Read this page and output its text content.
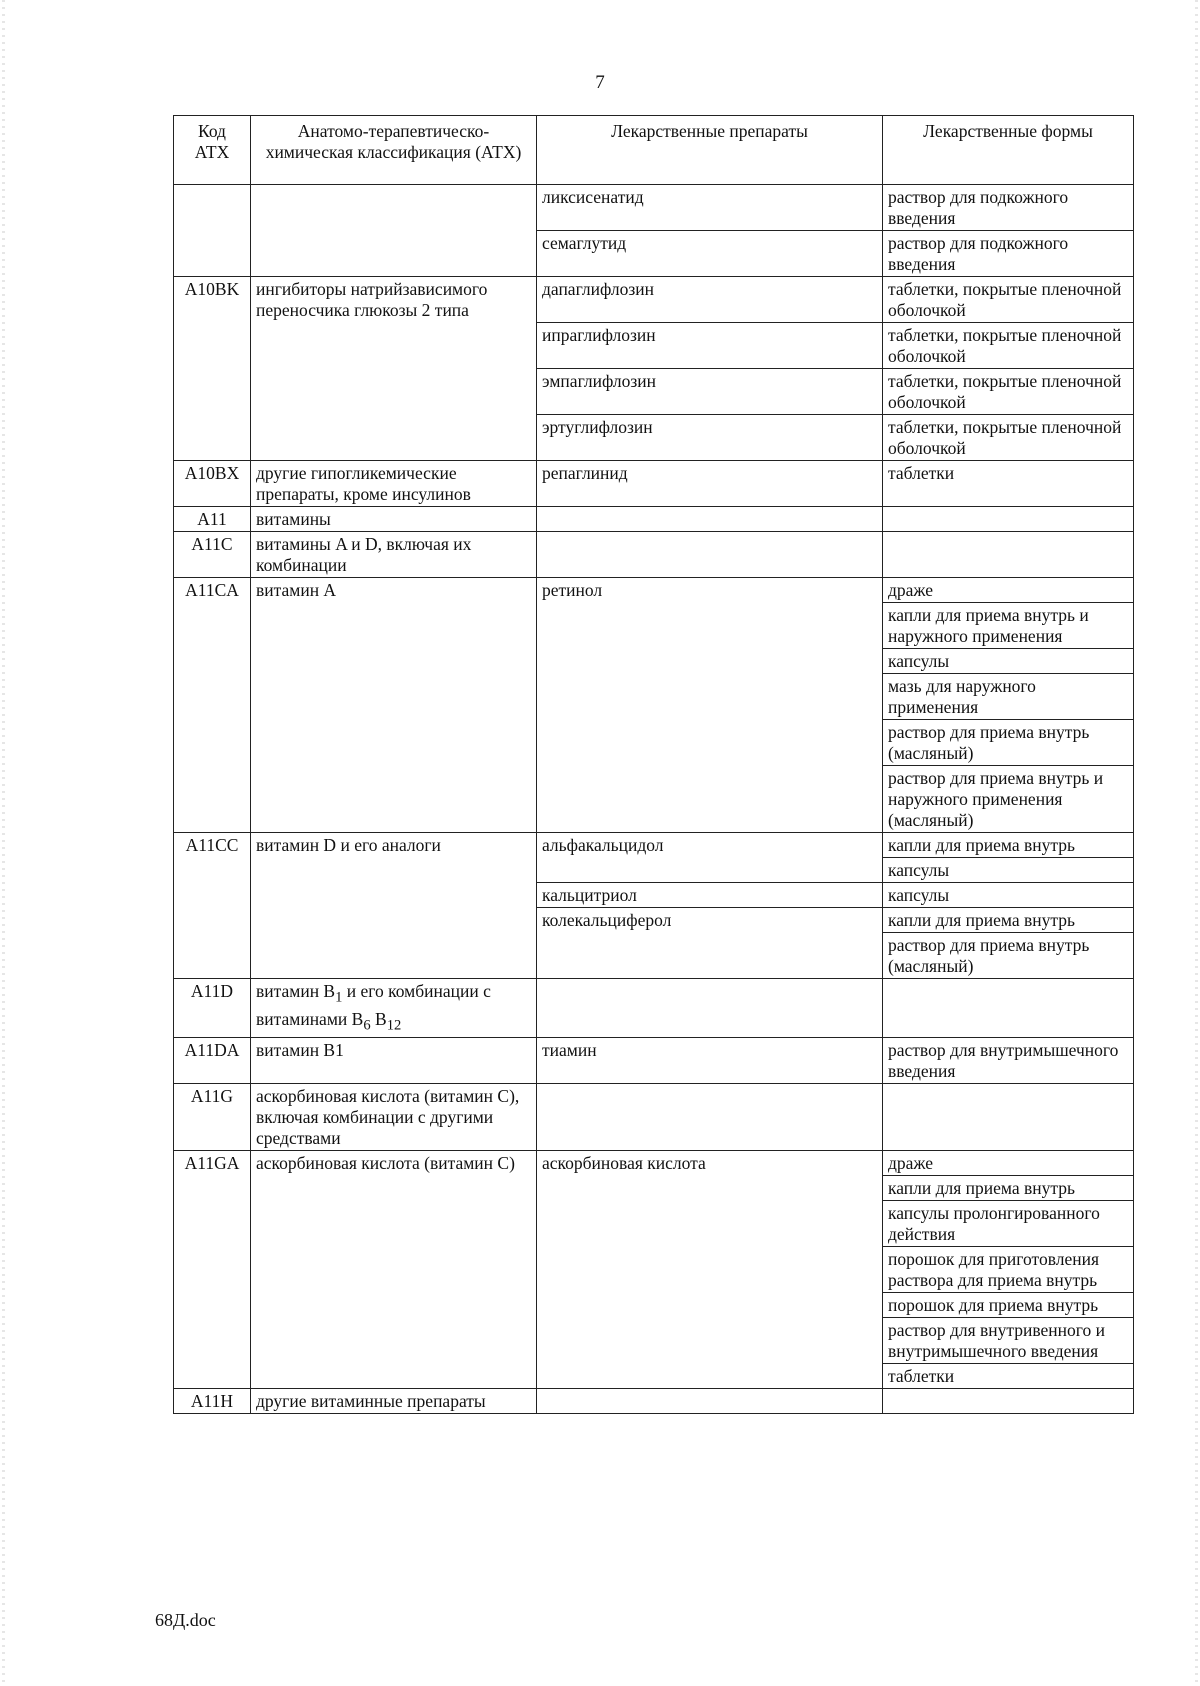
7
Код АТХ	Анатомо-терапевтическо-химическая классификация (АТХ)	Лекарственные препараты	Лекарственные формы
		ликсисенатид	раствор для подкожного введения
		семаглутид	раствор для подкожного введения
A10BK	ингибиторы натрийзависимого переносчика глюкозы 2 типа	дапаглифлозин	таблетки, покрытые пленочной оболочкой
		ипраглифлозин	таблетки, покрытые пленочной оболочкой
		эмпаглифлозин	таблетки, покрытые пленочной оболочкой
		эртуглифлозин	таблетки, покрытые пленочной оболочкой
A10BX	другие гипогликемические препараты, кроме инсулинов	репаглинид	таблетки
A11	витамины		
A11C	витамины A и D, включая их комбинации		
A11CA	витамин A	ретинол	драже
			капли для приема внутрь и наружного применения
			капсулы
			мазь для наружного применения
			раствор для приема внутрь (масляный)
			раствор для приема внутрь и наружного применения (масляный)
A11CC	витамин D и его аналоги	альфакальцидол	капли для приема внутрь
			капсулы
		кальцитриол	капсулы
		колекальциферол	капли для приема внутрь
			раствор для приема внутрь (масляный)
A11D	витамин $B_1$ и его комбинации с витаминами $B_6$ $B_{12}$		
A11DA	витамин B1	тиамин	раствор для внутримышечного введения
A11G	аскорбиновая кислота (витамин C), включая комбинации с другими средствами		
A11GA	аскорбиновая кислота (витамин C)	аскорбиновая кислота	драже
			капли для приема внутрь
			капсулы пролонгированного действия
			порошок для приготовления раствора для приема внутрь
			порошок для приема внутрь
			раствор для внутривенного и внутримышечного введения
			таблетки
A11H	другие витаминные препараты		
68Д.doc
